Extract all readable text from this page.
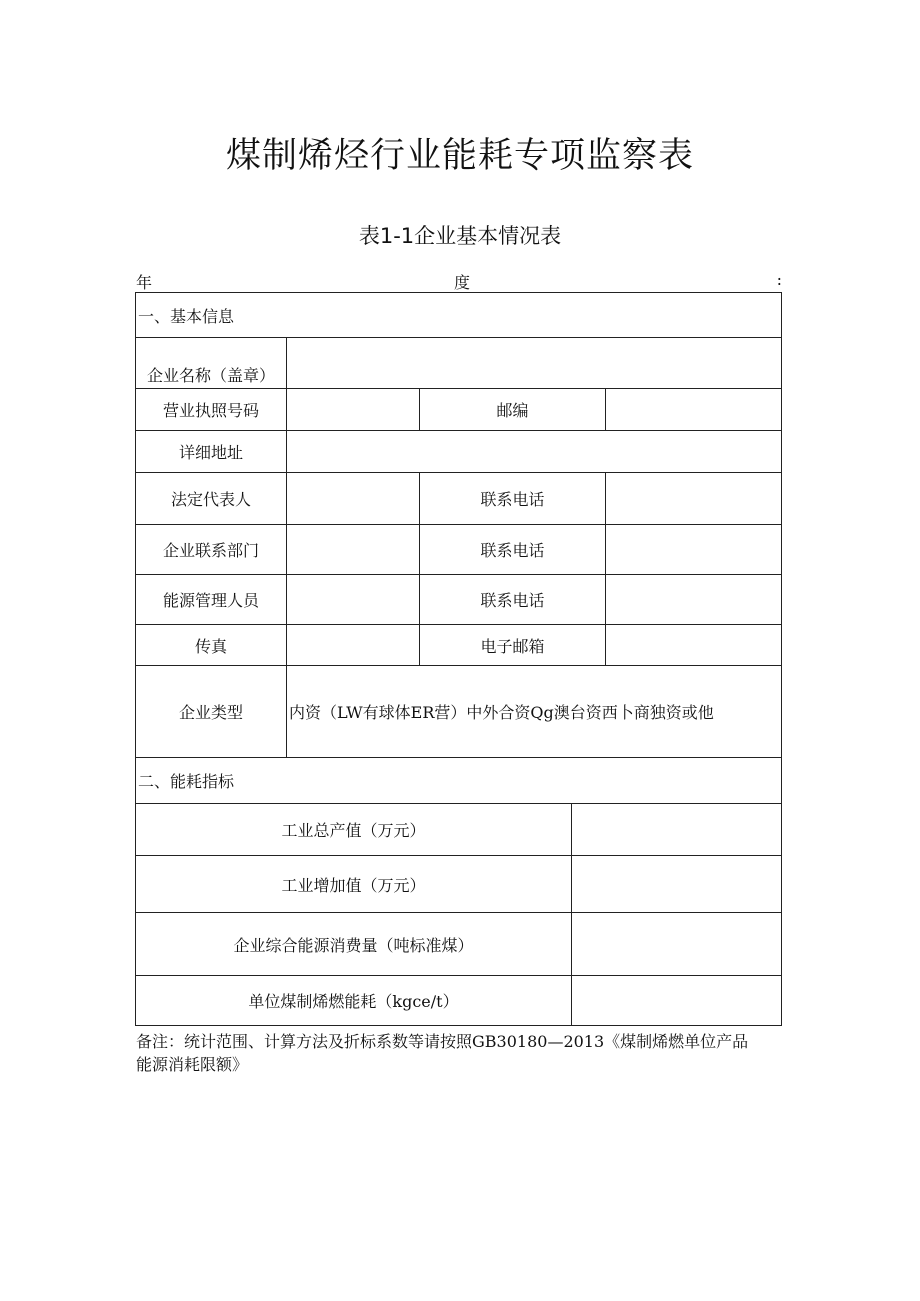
煤制烯烃行业能耗专项监察表
表1-1企业基本情况表
年	度	:
一、基本信息
企业名称（盖章）
营业执照号码	邮编
详细地址
法定代表人	联系电话
企业联系部门	联系电话
能源管理人员	联系电话
传真	电子邮箱
企业类型	内资（LW有球体ER营）中外合资Qg澳台资西卜商独资或他
二、能耗指标
工业总产值（万元）
工业增加值（万元）
企业综合能源消费量（吨标准煤）
单位煤制烯燃能耗（kgce∕t）
备注：统计范围、计算方法及折标系数等请按照GB30180—2013《煤制烯燃单位产品
能源消耗限额》
